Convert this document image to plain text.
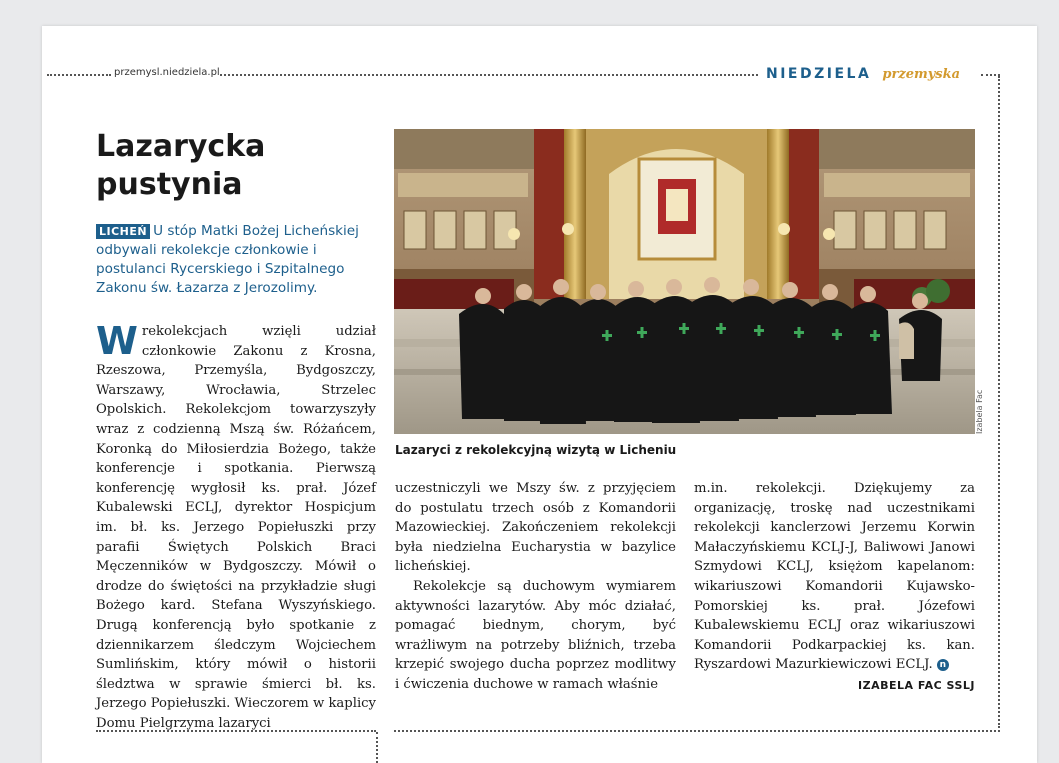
przemysl.niedziela.pl	NIEDZIELA przemyska
Lazarycka
pustynia
LICHEŃ U stóp Matki Bożej Licheńskiej odbywali rekolekcje członkowie i postulanci Rycerskiego i Szpitalnego Zakonu św. Łazarza z Jerozolimy.
Wrekolekcjach wzięli udział członkowie Zakonu z Krosna, Rzeszowa, Przemyśla, Bydgoszczy, Warszawy, Wrocławia, Strzelec Opolskich. Rekolekcjom towarzyszyły wraz z codzienną Mszą św. Różańcem, Koronką do Miłosierdzia Bożego, także konferencje i spotkania. Pierwszą konferencję wygłosił ks. prał. Józef Kubalewski ECLJ, dyrektor Hospicjum im. bł. ks. Jerzego Popiełuszki przy parafii Świętych Polskich Braci Męczenników w Bydgoszczy. Mówił o drodze do świętości na przykładzie sługi Bożego kard. Stefana Wyszyńskiego. Drugą konferencją było spotkanie z dziennikarzem śledczym Wojciechem Sumlińskim, który mówił o historii śledztwa w sprawie śmierci bł. ks. Jerzego Popiełuszki. Wieczorem w kaplicy Domu Pielgrzyma lazaryci
Izabela Fac
Lazaryci z rekolekcyjną wizytą w Licheniu

uczestniczyli we Mszy św. z przyjęciem do postulatu trzech osób z Komandorii Mazowieckiej. Zakończeniem rekolekcji była niedzielna Eucharystia w bazylice licheńskiej.

Rekolekcje są duchowym wymiarem aktywności lazarytów. Aby móc działać, pomagać biednym, chorym, być wrażliwym na potrzeby bliźnich, trzeba krzepić swojego ducha poprzez modlitwy i ćwiczenia duchowe w ramach właśnie

m.in. rekolekcji. Dziękujemy za organizację, troskę nad uczestnikami rekolekcji kanclerzowi Jerzemu Korwin Małaczyńskiemu KCLJ-J, Baliwowi Janowi Szmydowi KCLJ, księżom kapelanom: wikariuszowi Komandorii Kujawsko-Pomorskiej ks. prał. Józefowi Kubalewskiemu ECLJ oraz wikariuszowi Komandorii Podkarpackiej ks. kan. Ryszardowi Mazurkiewiczowi ECLJ. n
IZABELA FAC SSLJ
